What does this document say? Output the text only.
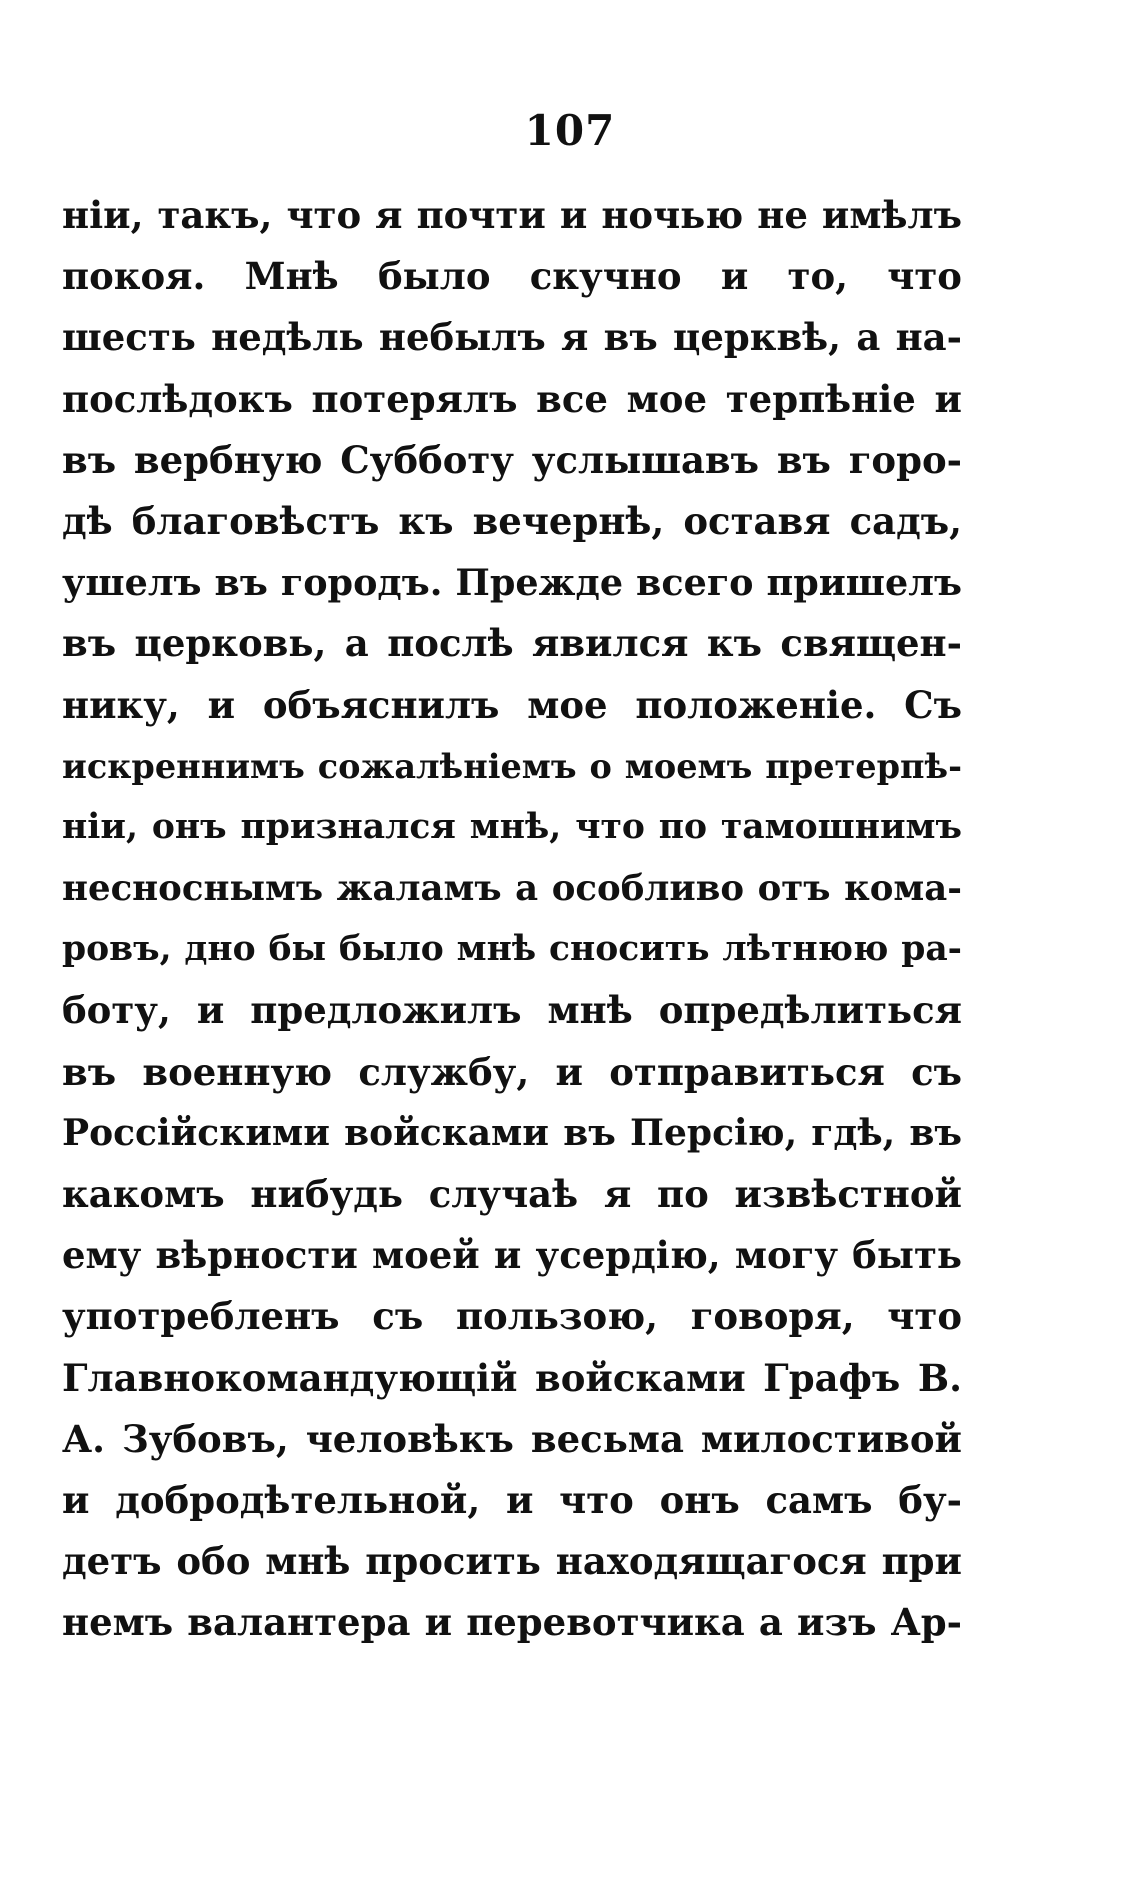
107
нiи, такъ, что я почти и ночью не имѣлъ
покоя. Мнѣ было скучно и то, что
шесть недѣль небылъ я въ церквѣ, а на-
послѣдокъ потерялъ все мое терпѣнiе и
въ вербную Субботу услышавъ въ горо-
дѣ благовѣстъ къ вечернѣ, оставя садъ,
ушелъ въ городъ. Прежде всего пришелъ
въ церковь, а послѣ явился къ священ-
нику, и объяснилъ мое положенiе. Съ
искреннимъ сожалѣнiемъ о моемъ претерпѣ-
нiи, онъ признался мнѣ, что по тамошнимъ
несноснымъ жаламъ а особливо отъ кома-
ровъ, дно бы было мнѣ сносить лѣтнюю ра-
боту, и предложилъ мнѣ опредѣлиться
въ военную службу, и отправиться съ
Россiйскими войсками въ Персiю, гдѣ, въ
какомъ нибудь случаѣ я по извѣстной
ему вѣрности моей и усердiю, могу быть
употребленъ съ пользою, говоря, что
Главнокомандующiй войсками Графъ В.
А. Зубовъ, человѣкъ весьма милостивой
и добродѣтельной, и что онъ самъ бу-
детъ обо мнѣ просить находящагося при
немъ валантера и перевотчика а изъ Ар-
